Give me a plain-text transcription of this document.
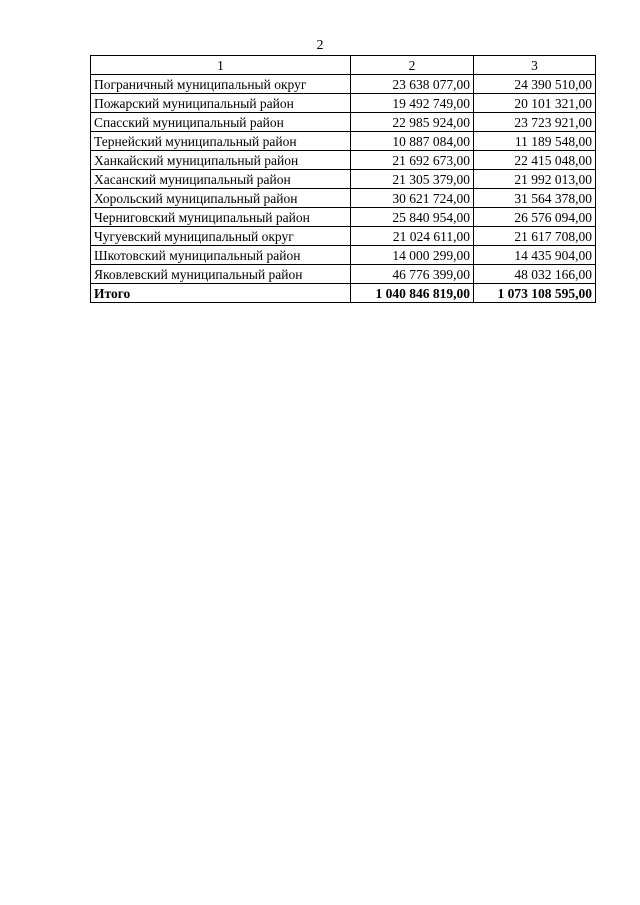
2
1	2	3
Пограничный муниципальный округ	23 638 077,00	24 390 510,00
Пожарский муниципальный район	19 492 749,00	20 101 321,00
Спасский муниципальный район	22 985 924,00	23 723 921,00
Тернейский муниципальный район	10 887 084,00	11 189 548,00
Ханкайский муниципальный район	21 692 673,00	22 415 048,00
Хасанский муниципальный район	21 305 379,00	21 992 013,00
Хорольский муниципальный район	30 621 724,00	31 564 378,00
Черниговский муниципальный район	25 840 954,00	26 576 094,00
Чугуевский муниципальный округ	21 024 611,00	21 617 708,00
Шкотовский муниципальный район	14 000 299,00	14 435 904,00
Яковлевский муниципальный район	46 776 399,00	48 032 166,00
Итого	1 040 846 819,00	1 073 108 595,00
